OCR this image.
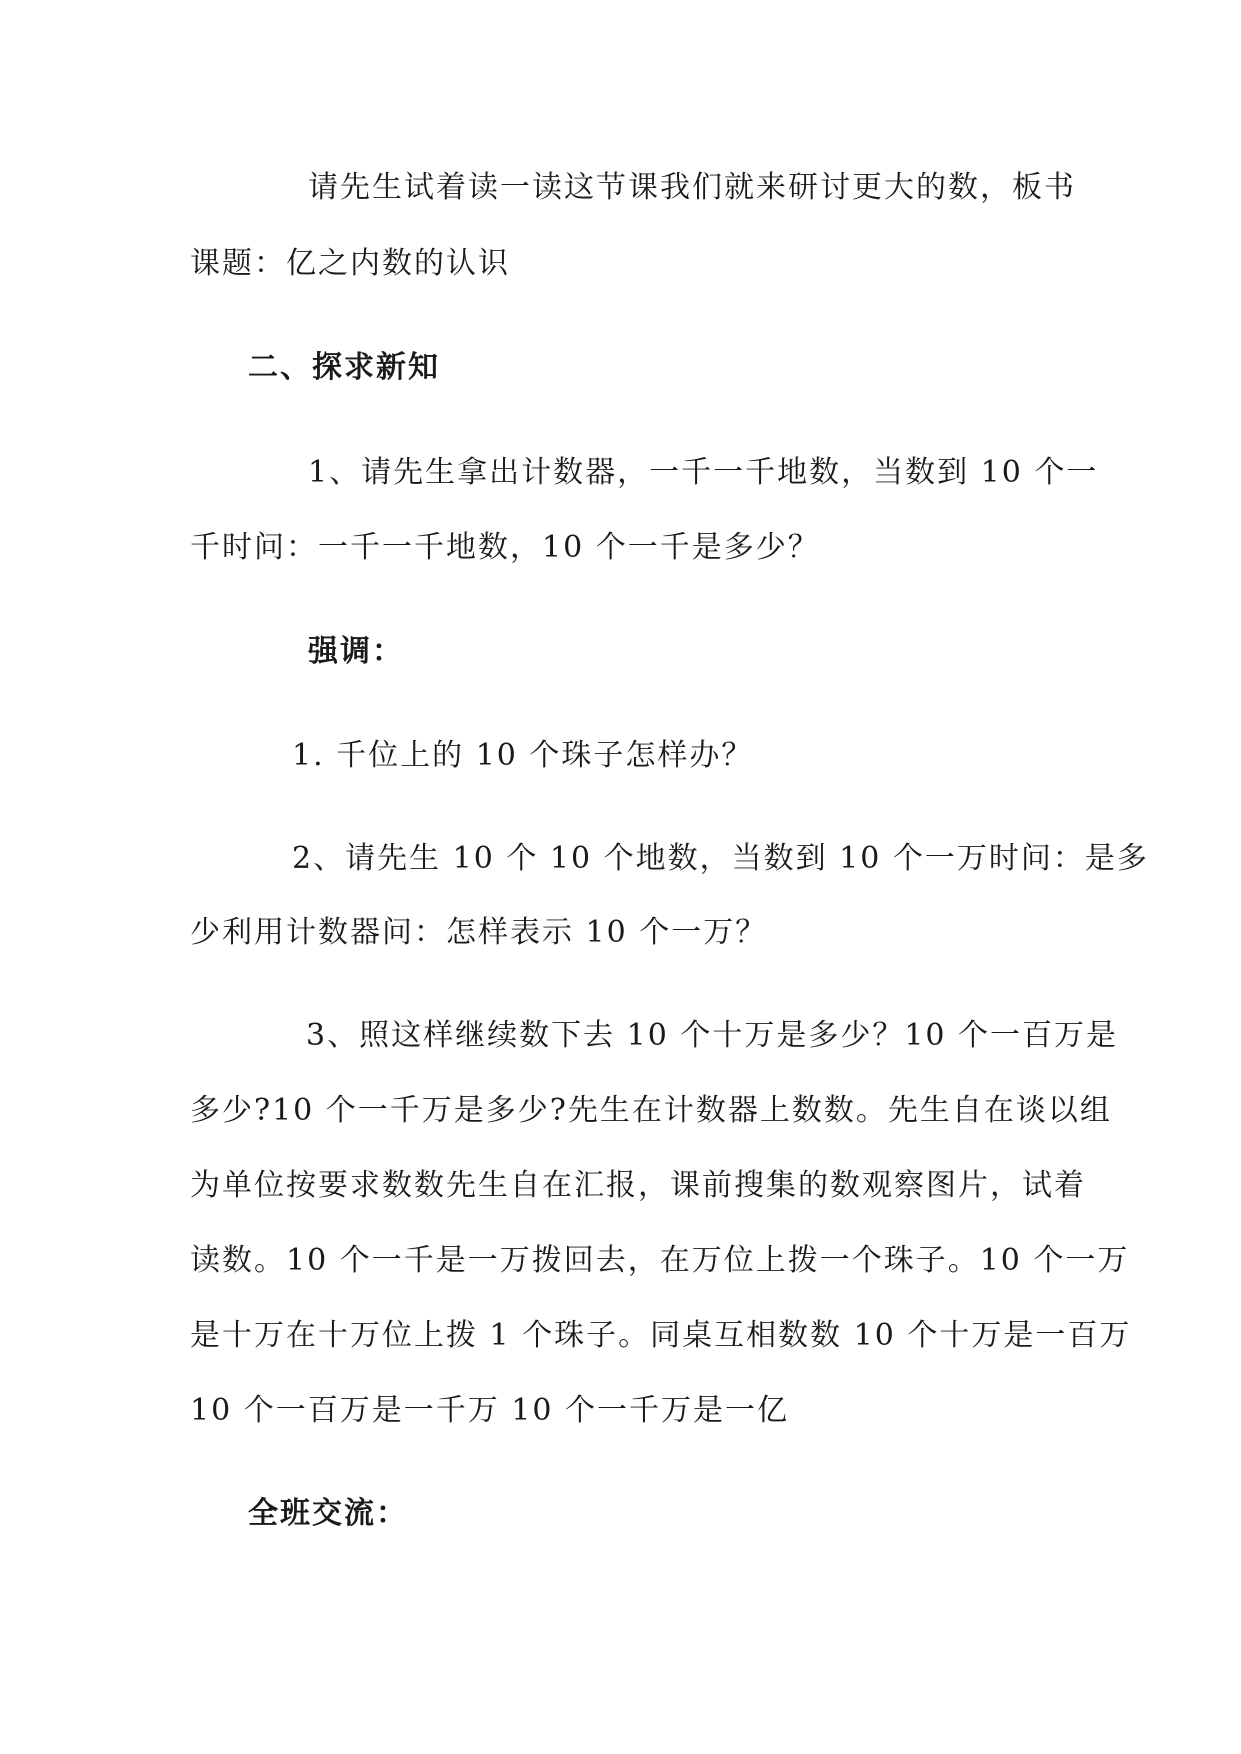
请先生试着读一读这节课我们就来研讨更大的数，板书

课题：亿之内数的认识

二、探求新知

1、请先生拿出计数器，一千一千地数，当数到 10 个一

千时问：一千一千地数，10 个一千是多少？

强调：

1. 千位上的 10 个珠子怎样办？

2、请先生 10 个 10 个地数，当数到 10 个一万时问：是多

少利用计数器问：怎样表示 10 个一万？

3、照这样继续数下去 10 个十万是多少？10 个一百万是

多少?10 个一千万是多少?先生在计数器上数数。先生自在谈以组

为单位按要求数数先生自在汇报，课前搜集的数观察图片，试着

读数。10 个一千是一万拨回去，在万位上拨一个珠子。10 个一万

是十万在十万位上拨 1 个珠子。同桌互相数数 10 个十万是一百万

10 个一百万是一千万 10 个一千万是一亿

全班交流：
